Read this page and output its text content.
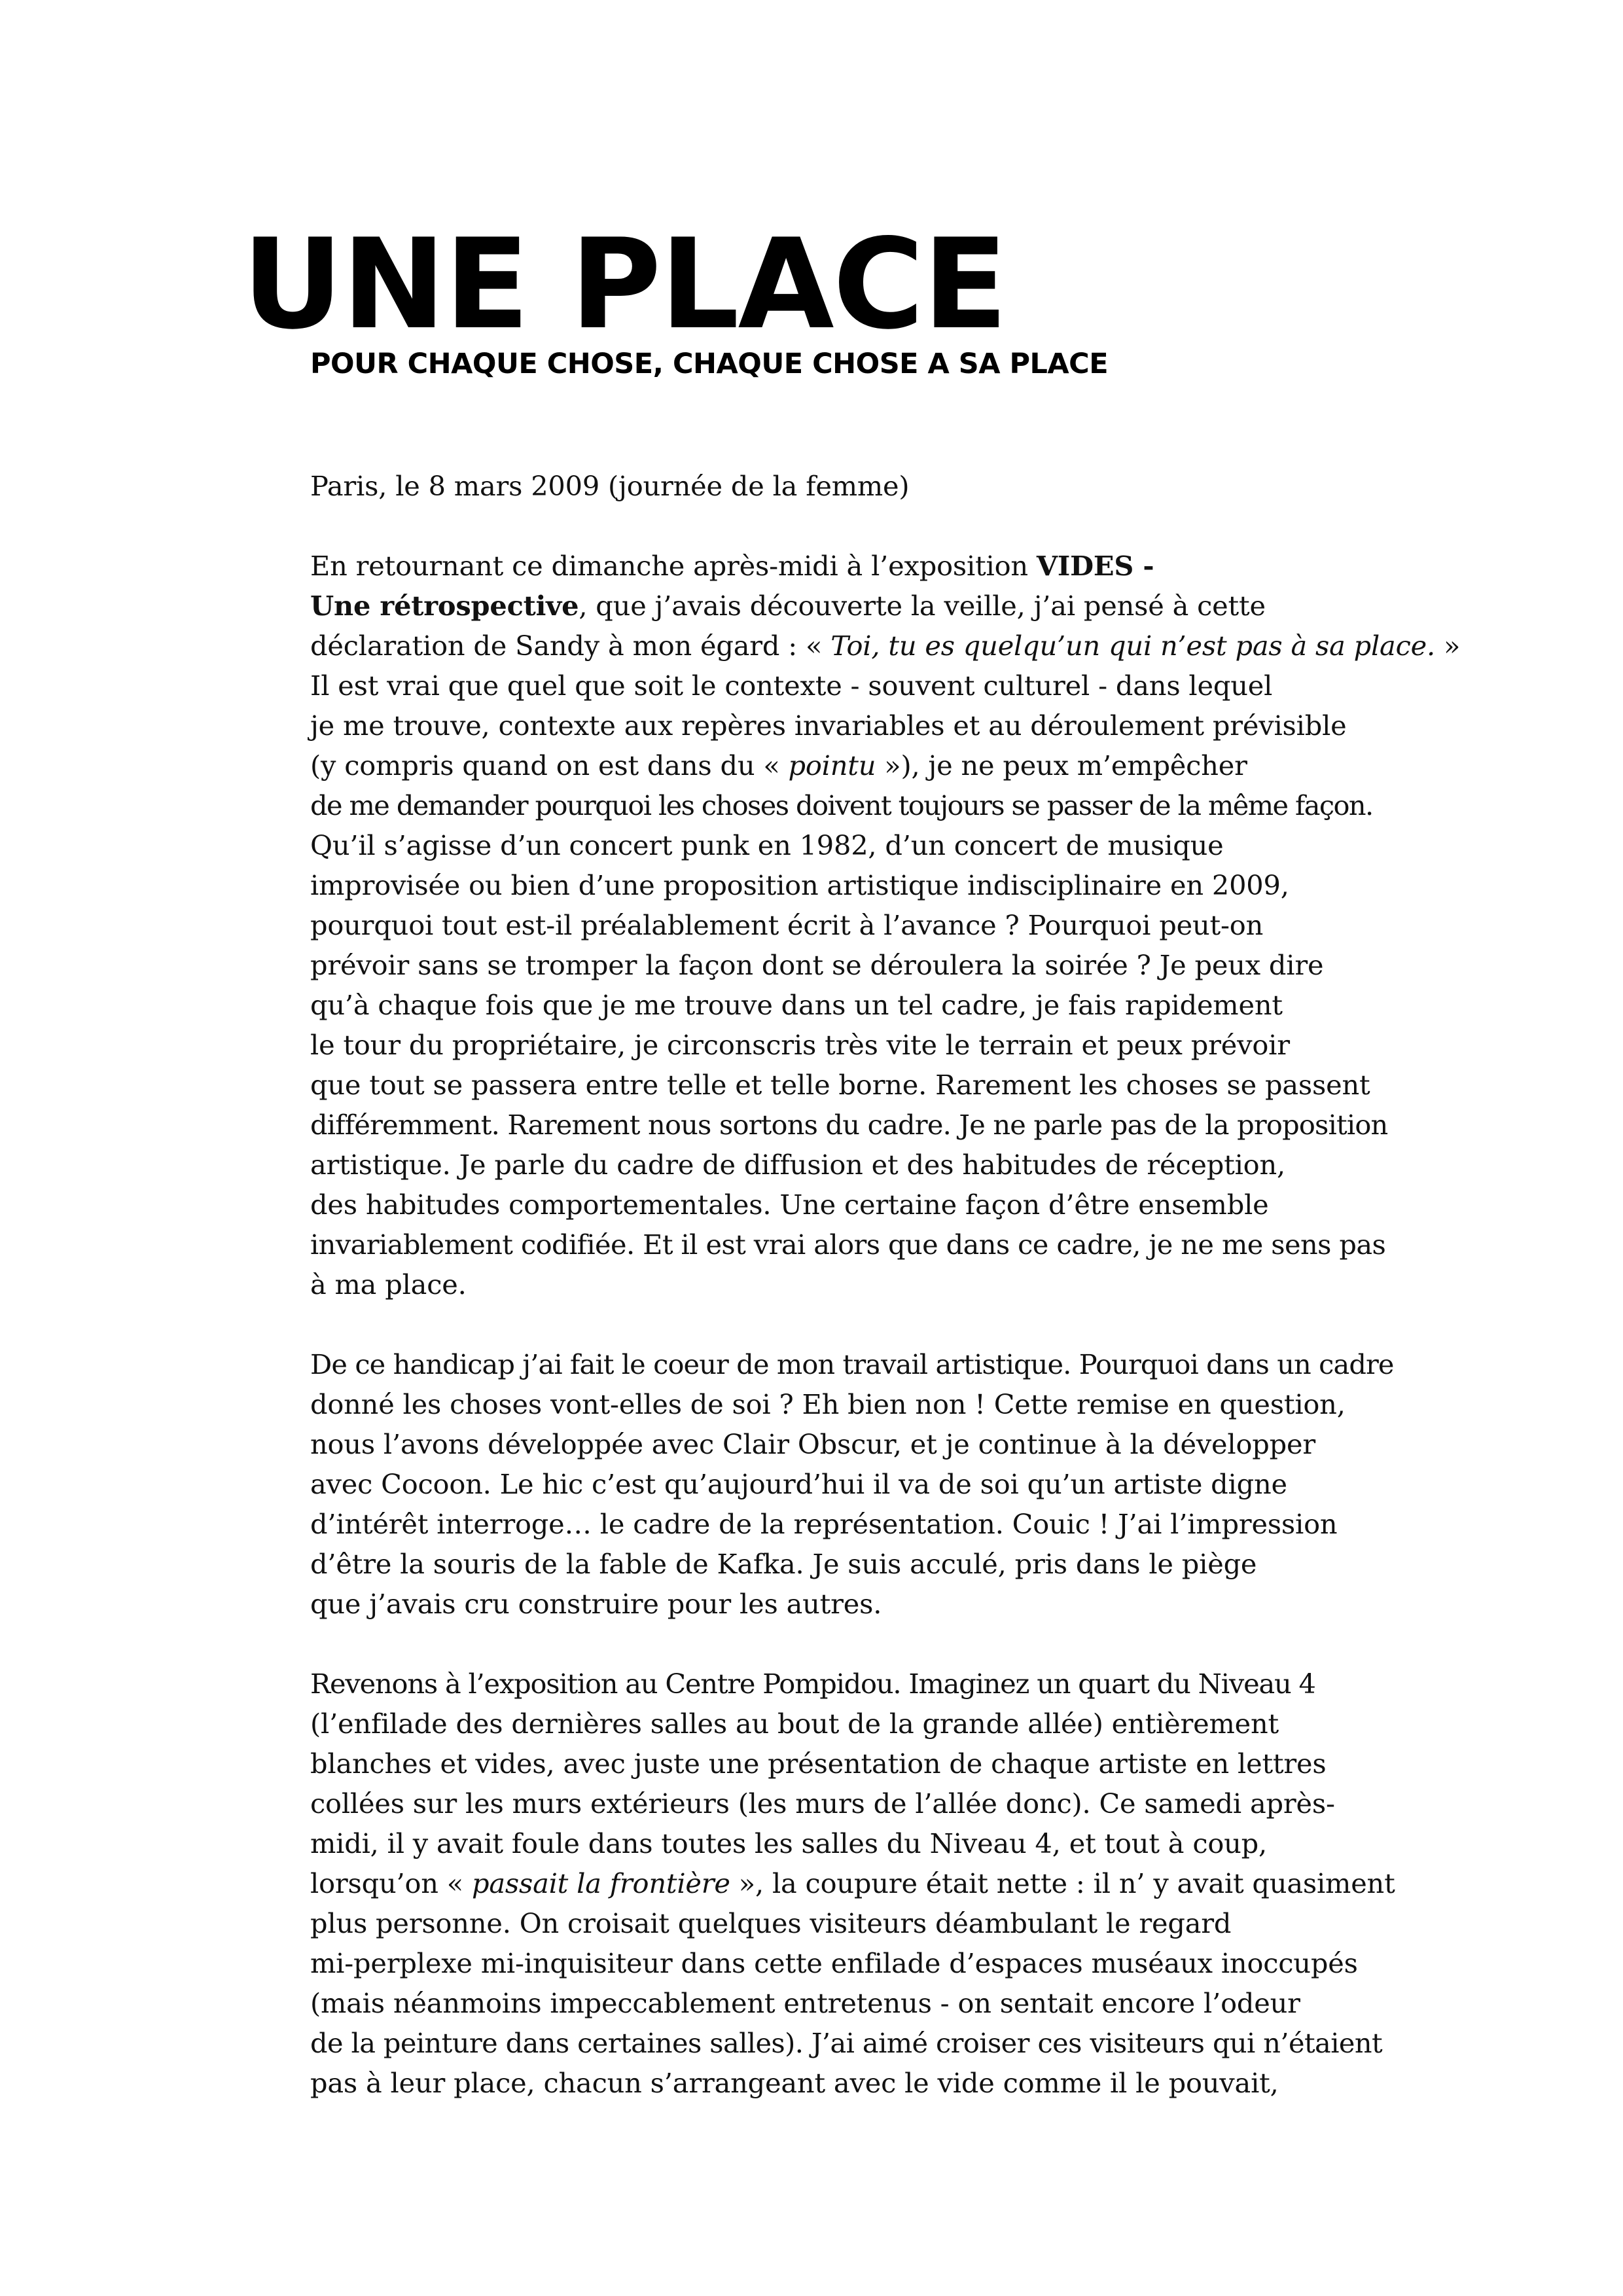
UNE PLACE
POUR CHAQUE CHOSE, CHAQUE CHOSE A SA PLACE

Paris, le 8 mars 2009 (journée de la femme)

En retournant ce dimanche après-midi à l’exposition VIDES -
Une rétrospective, que j’avais découverte la veille, j’ai pensé à cette
déclaration de Sandy à mon égard : « Toi, tu es quelqu’un qui n’est pas à sa place. »
Il est vrai que quel que soit le contexte - souvent culturel - dans lequel
je me trouve, contexte aux repères invariables et au déroulement prévisible
(y compris quand on est dans du « pointu »), je ne peux m’empêcher
de me demander pourquoi les choses doivent toujours se passer de la même façon.
Qu’il s’agisse d’un concert punk en 1982, d’un concert de musique
improvisée ou bien d’une proposition artistique indisciplinaire en 2009,
pourquoi tout est-il préalablement écrit à l’avance ? Pourquoi peut-on
prévoir sans se tromper la façon dont se déroulera la soirée ? Je peux dire
qu’à chaque fois que je me trouve dans un tel cadre, je fais rapidement
le tour du propriétaire, je circonscris très vite le terrain et peux prévoir
que tout se passera entre telle et telle borne. Rarement les choses se passent
différemment. Rarement nous sortons du cadre. Je ne parle pas de la proposition
artistique. Je parle du cadre de diffusion et des habitudes de réception,
des habitudes comportementales. Une certaine façon d’être ensemble
invariablement codifiée. Et il est vrai alors que dans ce cadre, je ne me sens pas
à ma place.

De ce handicap j’ai fait le coeur de mon travail artistique. Pourquoi dans un cadre
donné les choses vont-elles de soi ? Eh bien non ! Cette remise en question,
nous l’avons développée avec Clair Obscur, et je continue à la développer
avec Cocoon. Le hic c’est qu’aujourd’hui il va de soi qu’un artiste digne
d’intérêt interroge… le cadre de la représentation. Couic ! J’ai l’impression
d’être la souris de la fable de Kafka. Je suis acculé, pris dans le piège
que j’avais cru construire pour les autres.

Revenons à l’exposition au Centre Pompidou. Imaginez un quart du Niveau 4
(l’enfilade des dernières salles au bout de la grande allée) entièrement
blanches et vides, avec juste une présentation de chaque artiste en lettres
collées sur les murs extérieurs (les murs de l’allée donc). Ce samedi après-
midi, il y avait foule dans toutes les salles du Niveau 4, et tout à coup,
lorsqu’on « passait la frontière », la coupure était nette : il n’ y avait quasiment
plus personne. On croisait quelques visiteurs déambulant le regard
mi-perplexe mi-inquisiteur dans cette enfilade d’espaces muséaux inoccupés
(mais néanmoins impeccablement entretenus - on sentait encore l’odeur
de la peinture dans certaines salles). J’ai aimé croiser ces visiteurs qui n’étaient
pas à leur place, chacun s’arrangeant avec le vide comme il le pouvait,
